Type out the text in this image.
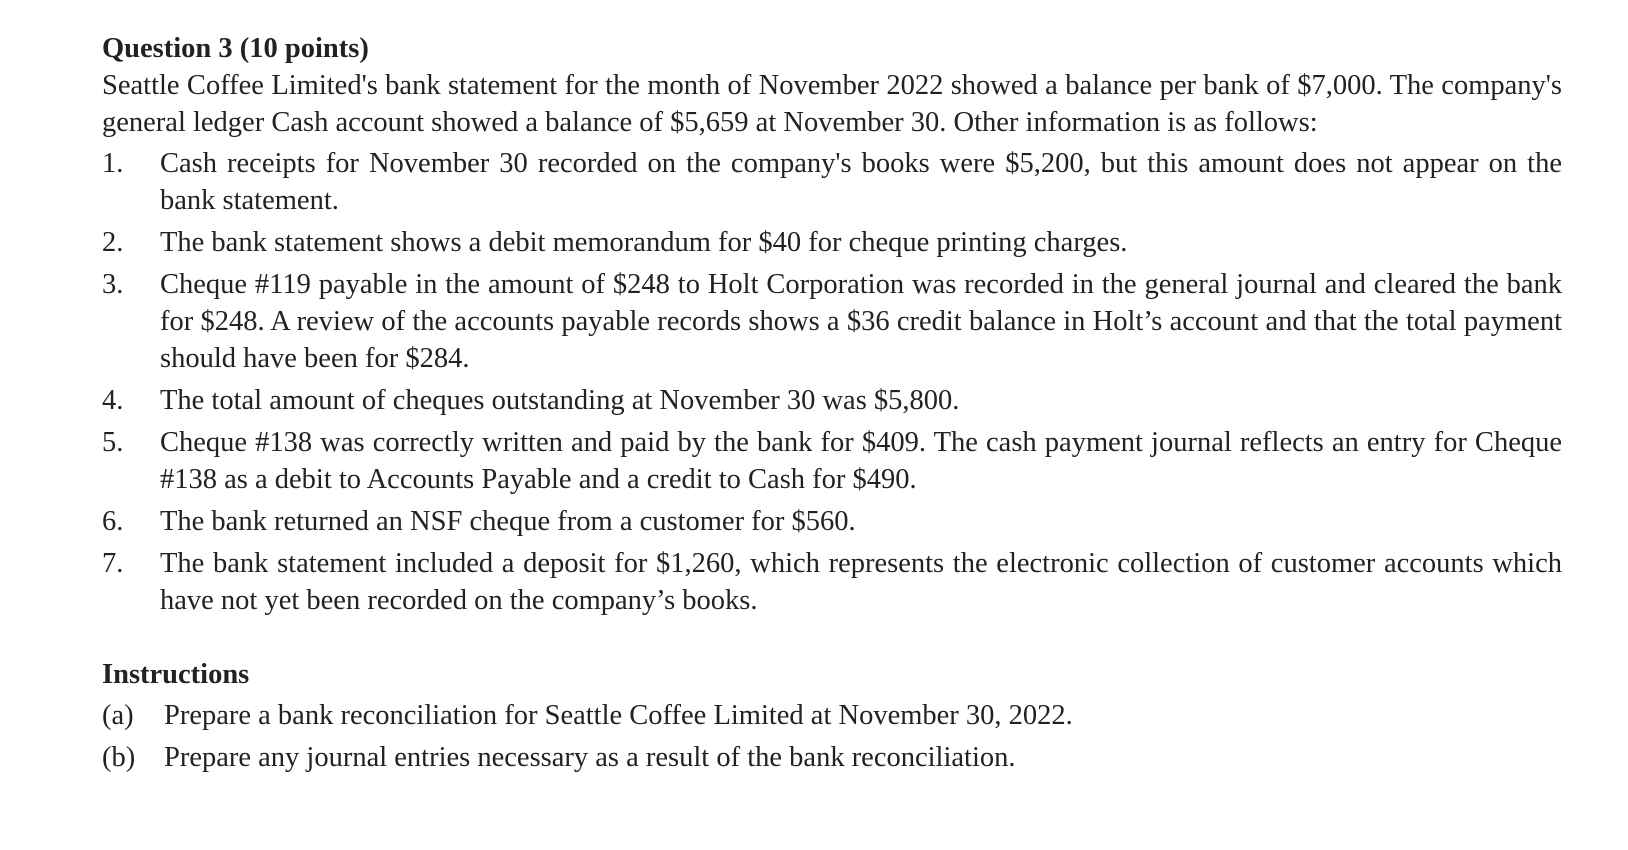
Question 3 (10 points)

Seattle Coffee Limited's bank statement for the month of November 2022 showed a balance per bank of $7,000. The company's general ledger Cash account showed a balance of $5,659 at November 30. Other information is as follows:

1.	Cash receipts for November 30 recorded on the company's books were $5,200, but this amount does not appear on the bank statement.
2.	The bank statement shows a debit memorandum for $40 for cheque printing charges.
3.	Cheque #119 payable in the amount of $248 to Holt Corporation was recorded in the general journal and cleared the bank for $248. A review of the accounts payable records shows a $36 credit balance in Holt’s account and that the total payment should have been for $284.
4.	The total amount of cheques outstanding at November 30 was $5,800.
5.	Cheque #138 was correctly written and paid by the bank for $409. The cash payment journal reflects an entry for Cheque #138 as a debit to Accounts Payable and a credit to Cash for $490.
6.	The bank returned an NSF cheque from a customer for $560.
7.	The bank statement included a deposit for $1,260, which represents the electronic collection of customer accounts which have not yet been recorded on the company’s books.

Instructions

(a)	Prepare a bank reconciliation for Seattle Coffee Limited at November 30, 2022.
(b)	Prepare any journal entries necessary as a result of the bank reconciliation.
